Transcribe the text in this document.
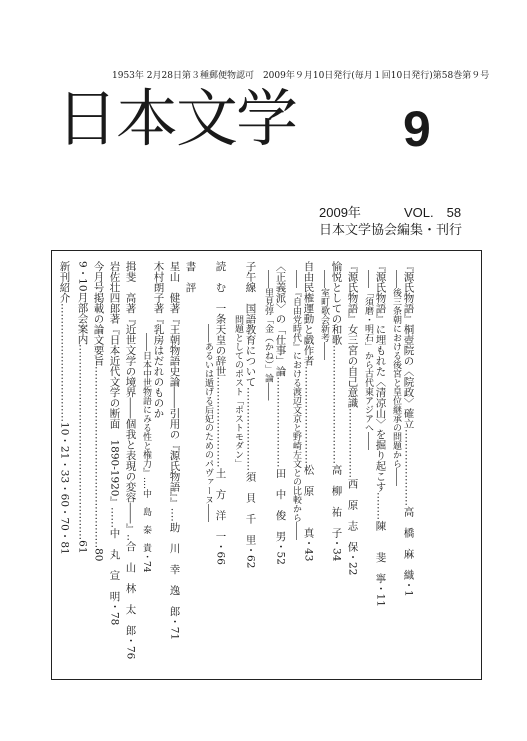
1953年 2月28日第３種郵便物認可　2009年９月10日発行(毎月１回10日発行)第58巻第９号
日本文学 9
2009年	VOL.　58
日本文学協会編集・刊行
『源氏物語』桐壺院の〈院政〉確立‥‥‥‥‥‥‥‥‥‥‥高　橋　麻　織・1
　――後三条朝における後宮と皇位継承の問題から――
『源氏物語』に埋もれた〈清凉山〉を掘り起こす‥‥‥‥陳　　斐　寧・11
　――「須磨・明石」から古代東アジアへ――
『源氏物語』女三宮の自己意識‥‥‥‥‥‥‥‥‥‥西　原　志　保・22
愉悦としての和歌‥‥‥‥‥‥‥‥‥‥‥‥‥‥‥‥‥高　柳　祐　子・34
　――室町歌会新考――
自由民権運動と戯作者‥‥‥‥‥‥‥‥‥‥‥‥‥‥松　原　　　真・43
　――『自由党時代』における渡辺文京と野崎左文との比較から――
〈正義派〉の「仕事」論‥‥‥‥‥‥‥‥‥‥‥‥‥田　中　俊　男・52
　――里見弴「金（かね）」論――
子午線　国語教育について‥‥‥‥‥‥‥‥‥‥‥‥須　貝　千　里・62
　　　　　　問題としてのポスト「ポストモダン」
読　む　一条天皇の辞世‥‥‥‥‥‥‥‥‥‥‥‥‥土　方　洋　一・66
　　　　　　　――あるいは遁げる后妃のためのパヴァーヌ――
書　評
星山　健著『王朝物語史論――引用の『源氏物語』』‥‥助　川　幸　逸　郎・71
木村朗子著『乳房はだれのものか
　　　　　　　　――日本中世物語にみる性と権力』‥‥中　島　泰　貴・74
揖斐　高著『近世文学の境界――個我と表現の変容――』‥合　山　林　太　郎・76
岩佐壮四郎著『日本近代文学の断面　1890‐1920』‥‥‥中　丸　宣　明・78
今月号掲載の論文要旨‥‥‥‥‥‥‥‥‥‥‥‥‥‥‥‥‥‥‥‥‥‥‥‥‥‥80
9・10月部会案内‥‥‥‥‥‥‥‥‥‥‥‥‥‥‥‥‥‥‥‥‥‥‥‥‥‥‥‥61
新刊紹介‥‥‥‥‥‥‥‥‥‥‥‥‥‥‥‥‥10・21・33・60・70・81
